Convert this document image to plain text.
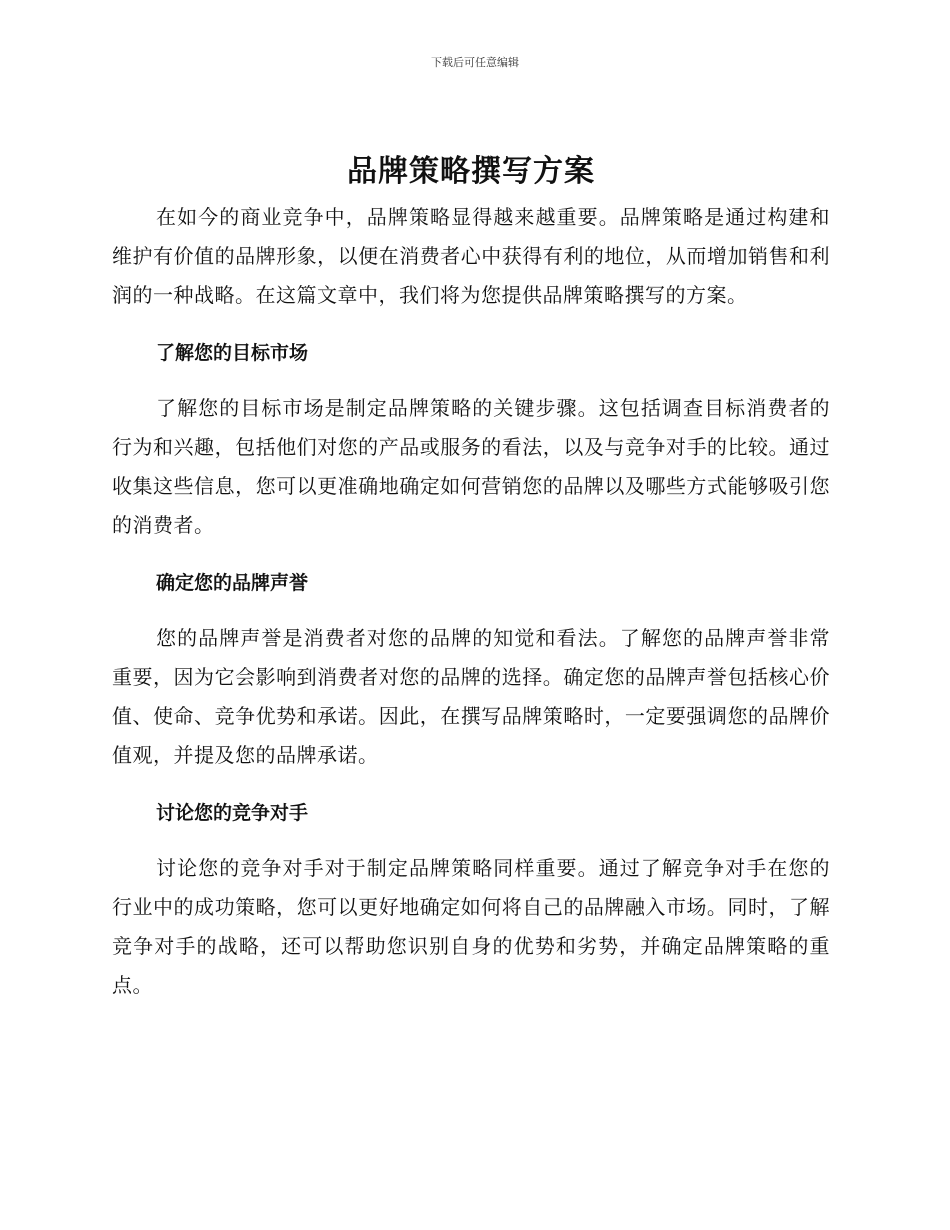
下载后可任意编辑
品牌策略撰写方案

在如今的商业竞争中，品牌策略显得越来越重要。品牌策略是通过构建和维护有价值的品牌形象，以便在消费者心中获得有利的地位，从而增加销售和利润的一种战略。在这篇文章中，我们将为您提供品牌策略撰写的方案。

了解您的目标市场

了解您的目标市场是制定品牌策略的关键步骤。这包括调查目标消费者的行为和兴趣，包括他们对您的产品或服务的看法，以及与竞争对手的比较。通过收集这些信息，您可以更准确地确定如何营销您的品牌以及哪些方式能够吸引您的消费者。

确定您的品牌声誉

您的品牌声誉是消费者对您的品牌的知觉和看法。了解您的品牌声誉非常重要，因为它会影响到消费者对您的品牌的选择。确定您的品牌声誉包括核心价值、使命、竞争优势和承诺。因此，在撰写品牌策略时，一定要强调您的品牌价值观，并提及您的品牌承诺。

讨论您的竞争对手

讨论您的竞争对手对于制定品牌策略同样重要。通过了解竞争对手在您的行业中的成功策略，您可以更好地确定如何将自己的品牌融入市场。同时，了解竞争对手的战略，还可以帮助您识别自身的优势和劣势，并确定品牌策略的重点。
